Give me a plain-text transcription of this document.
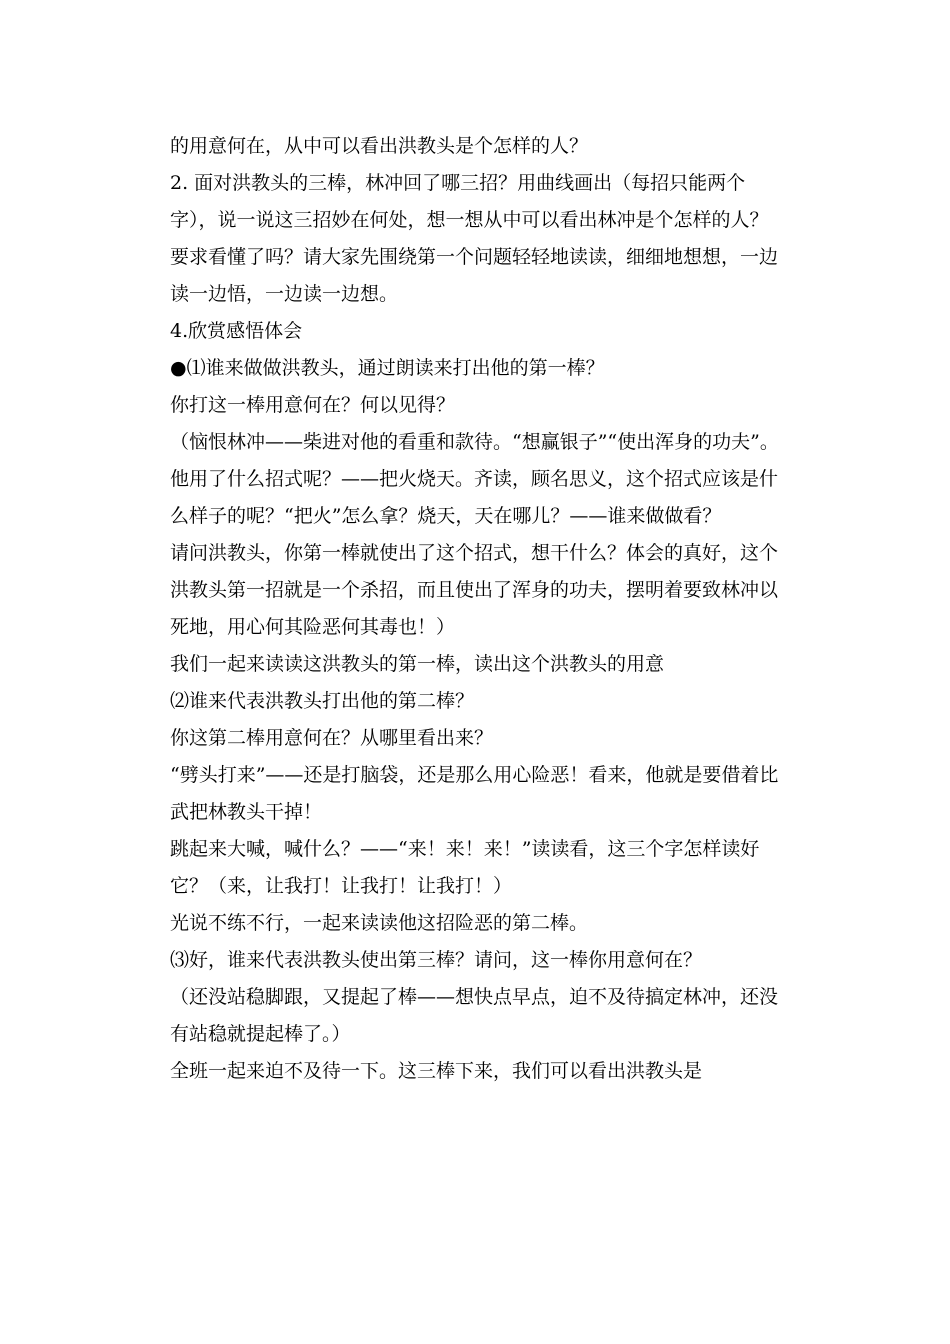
的用意何在，从中可以看出洪教头是个怎样的人？

2. 面对洪教头的三棒，林冲回了哪三招？用曲线画出（每招只能两个字），说一说这三招妙在何处，想一想从中可以看出林冲是个怎样的人？

要求看懂了吗？请大家先围绕第一个问题轻轻地读读，细细地想想，一边读一边悟，一边读一边想。

4.欣赏感悟体会

●⑴谁来做做洪教头，通过朗读来打出他的第一棒？

你打这一棒用意何在？何以见得？

（恼恨林冲——柴进对他的看重和款待。“想赢银子”“使出浑身的功夫”。

他用了什么招式呢？——把火烧天。齐读，顾名思义，这个招式应该是什么样子的呢？“把火”怎么拿？烧天，天在哪儿？——谁来做做看？

请问洪教头，你第一棒就使出了这个招式，想干什么？体会的真好，这个洪教头第一招就是一个杀招，而且使出了浑身的功夫，摆明着要致林冲以死地，用心何其险恶何其毒也！）

我们一起来读读这洪教头的第一棒，读出这个洪教头的用意

⑵谁来代表洪教头打出他的第二棒？

你这第二棒用意何在？从哪里看出来？

“劈头打来”——还是打脑袋，还是那么用心险恶！看来，他就是要借着比武把林教头干掉！

跳起来大喊，喊什么？——“来！来！来！”读读看，这三个字怎样读好它？（来，让我打！让我打！让我打！）

光说不练不行，一起来读读他这招险恶的第二棒。

⑶好，谁来代表洪教头使出第三棒？请问，这一棒你用意何在？

（还没站稳脚跟，又提起了棒——想快点早点，迫不及待搞定林冲，还没有站稳就提起棒了。）

全班一起来迫不及待一下。这三棒下来，我们可以看出洪教头是
